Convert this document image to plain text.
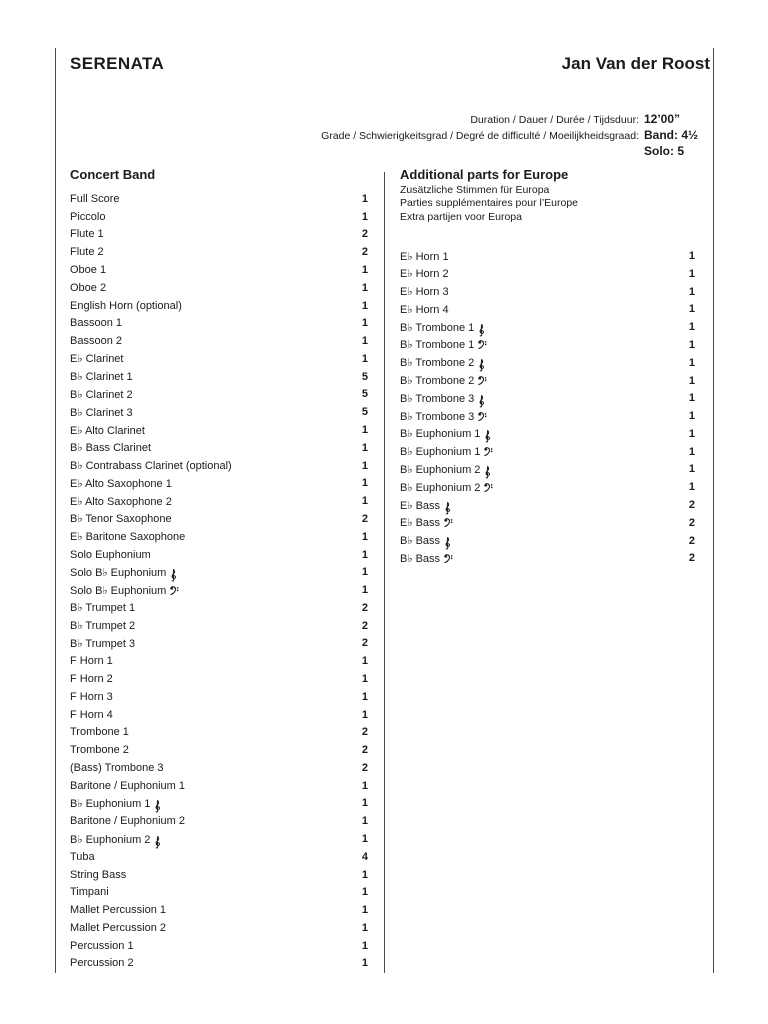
SERENATA	Jan Van der Roost
Duration / Dauer / Durée / Tijdsduur: 12’00”
Grade / Schwierigkeitsgrad / Degré de difficulté / Moeilijkheidsgraad: Band: 4½
Solo: 5
Concert Band
Full Score	1
Piccolo	1
Flute 1	2
Flute 2	2
Oboe 1	1
Oboe 2	1
English Horn (optional)	1
Bassoon 1	1
Bassoon 2	1
E♭ Clarinet	1
B♭ Clarinet 1	5
B♭ Clarinet 2	5
B♭ Clarinet 3	5
E♭ Alto Clarinet	1
B♭ Bass Clarinet	1
B♭ Contrabass Clarinet (optional)	1
E♭ Alto Saxophone 1	1
E♭ Alto Saxophone 2	1
B♭ Tenor Saxophone	2
E♭ Baritone Saxophone	1
Solo Euphonium	1
Solo B♭ Euphonium	1
Solo B♭ Euphonium	1
B♭ Trumpet 1	2
B♭ Trumpet 2	2
B♭ Trumpet 3	2
F Horn 1	1
F Horn 2	1
F Horn 3	1
F Horn 4	1
Trombone 1	2
Trombone 2	2
(Bass) Trombone 3	2
Baritone / Euphonium 1	1
B♭ Euphonium 1	1
Baritone / Euphonium 2	1
B♭ Euphonium 2	1
Tuba	4
String Bass	1
Timpani	1
Mallet Percussion 1	1
Mallet Percussion 2	1
Percussion 1	1
Percussion 2	1
Additional parts for Europe
Zusätzliche Stimmen für Europa
Parties supplémentaires pour l’Europe
Extra partijen voor Europa
E♭ Horn 1	1
E♭ Horn 2	1
E♭ Horn 3	1
E♭ Horn 4	1
B♭ Trombone 1	1
B♭ Trombone 1	1
B♭ Trombone 2	1
B♭ Trombone 2	1
B♭ Trombone 3	1
B♭ Trombone 3	1
B♭ Euphonium 1	1
B♭ Euphonium 1	1
B♭ Euphonium 2	1
B♭ Euphonium 2	1
E♭ Bass	2
E♭ Bass	2
B♭ Bass	2
B♭ Bass	2
